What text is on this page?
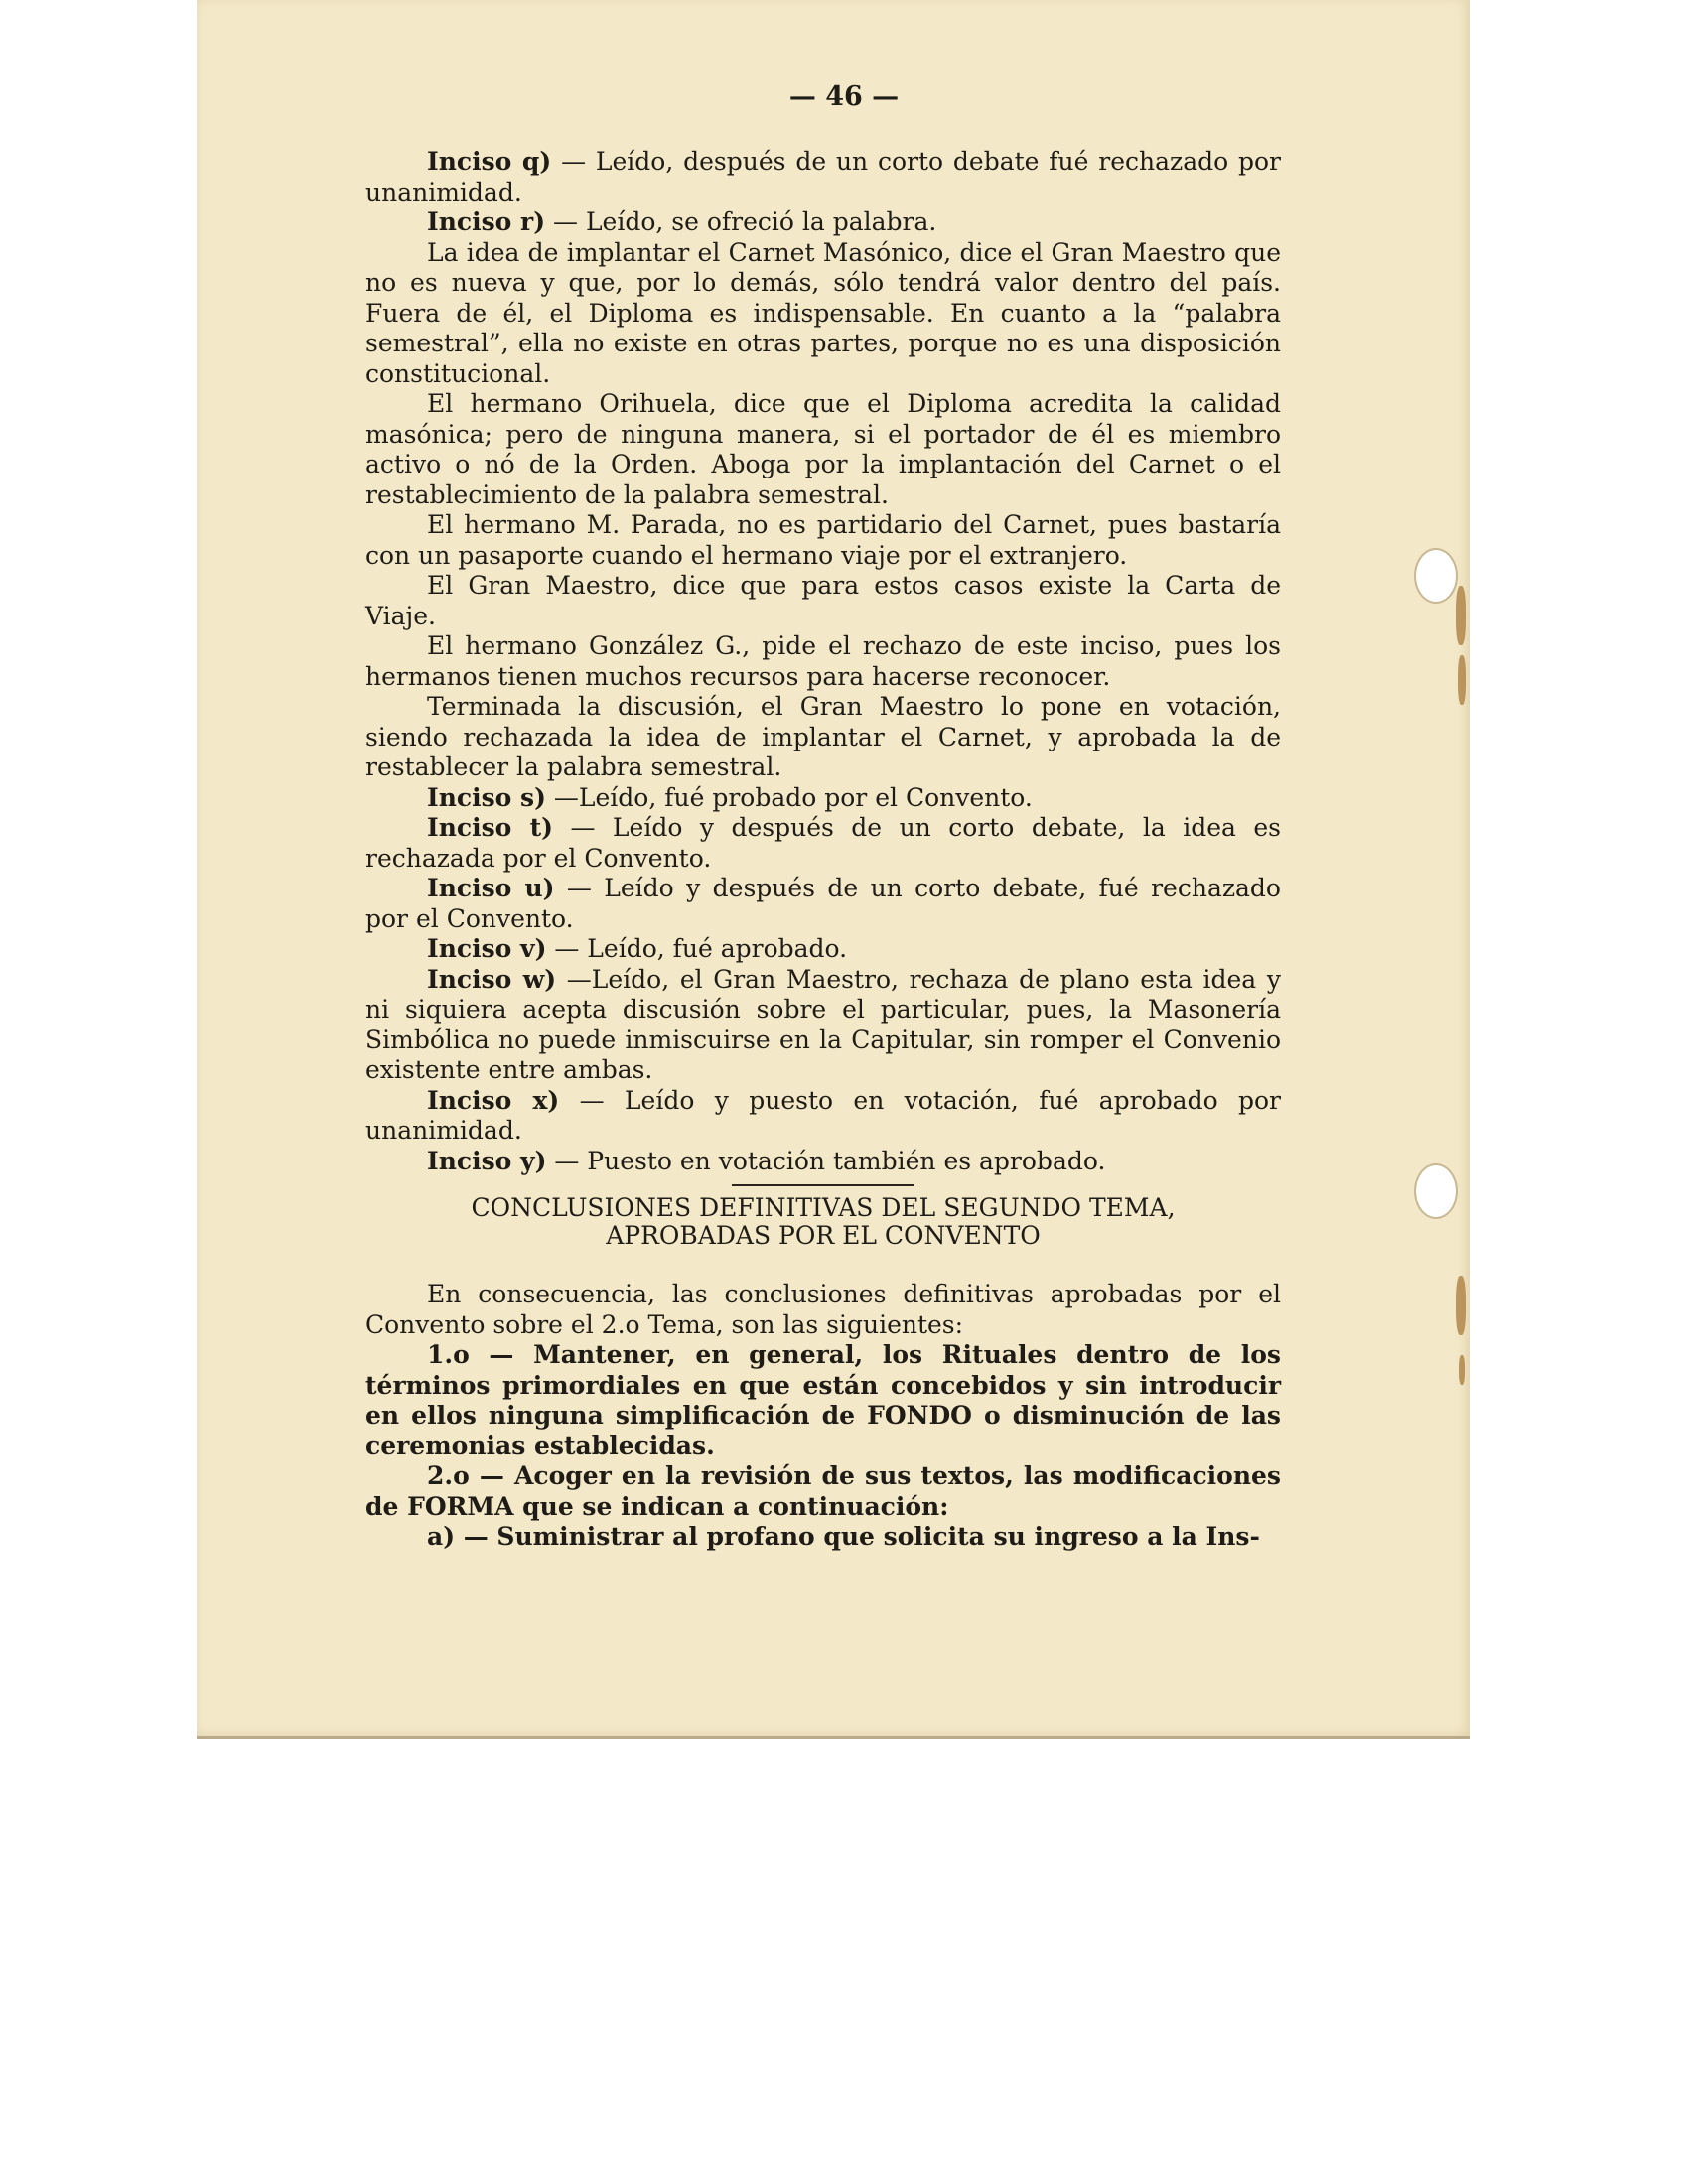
— 46 —

Inciso q) — Leído, después de un corto debate fué rechazado por unanimidad.

Inciso r) — Leído, se ofreció la palabra.

La idea de implantar el Carnet Masónico, dice el Gran Maestro que no es nueva y que, por lo demás, sólo tendrá valor dentro del país. Fuera de él, el Diploma es indispensable. En cuanto a la “palabra semestral”, ella no existe en otras partes, porque no es una disposición constitucional.

El hermano Orihuela, dice que el Diploma acredita la calidad masónica; pero de ninguna manera, si el portador de él es miembro activo o nó de la Orden. Aboga por la implantación del Carnet o el restablecimiento de la palabra semestral.

El hermano M. Parada, no es partidario del Carnet, pues bastaría con un pasaporte cuando el hermano viaje por el extranjero.

El Gran Maestro, dice que para estos casos existe la Carta de Viaje.

El hermano González G., pide el rechazo de este inciso, pues los hermanos tienen muchos recursos para hacerse reconocer.

Terminada la discusión, el Gran Maestro lo pone en votación, siendo rechazada la idea de implantar el Carnet, y aprobada la de restablecer la palabra semestral.

Inciso s) —Leído, fué probado por el Convento.

Inciso t) — Leído y después de un corto debate, la idea es rechazada por el Convento.

Inciso u) — Leído y después de un corto debate, fué rechazado por el Convento.

Inciso v) — Leído, fué aprobado.

Inciso w) —Leído, el Gran Maestro, rechaza de plano esta idea y ni siquiera acepta discusión sobre el particular, pues, la Masonería Simbólica no puede inmiscuirse en la Capitular, sin romper el Convenio existente entre ambas.

Inciso x) — Leído y puesto en votación, fué aprobado por unanimidad.

Inciso y) — Puesto en votación también es aprobado.

CONCLUSIONES DEFINITIVAS DEL SEGUNDO TEMA,
APROBADAS POR EL CONVENTO

En consecuencia, las conclusiones definitivas aprobadas por el Convento sobre el 2.o Tema, son las siguientes:

1.o — Mantener, en general, los Rituales dentro de los términos primordiales en que están concebidos y sin introducir en ellos ninguna simplificación de FONDO o disminución de las ceremonias establecidas.

2.o — Acoger en la revisión de sus textos, las modificaciones de FORMA que se indican a continuación:

a) — Suministrar al profano que solicita su ingreso a la Ins-
